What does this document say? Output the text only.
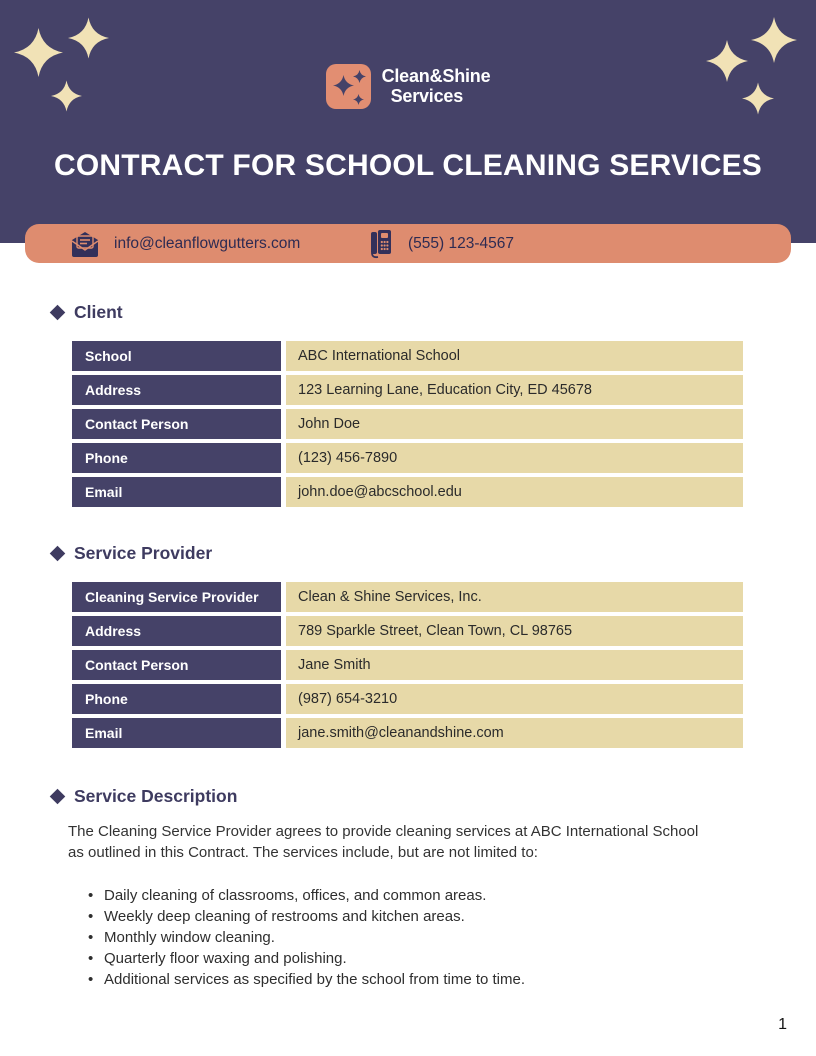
Clean&Shine
Services
CONTRACT FOR SCHOOL CLEANING SERVICES
info@cleanflowgutters.com	(555) 123-4567
Client
School	ABC International School
Address	123 Learning Lane, Education City, ED 45678
Contact Person	John Doe
Phone	(123) 456-7890
Email	john.doe@abcschool.edu
Service Provider
Cleaning Service Provider	Clean & Shine Services, Inc.
Address	789 Sparkle Street, Clean Town, CL 98765
Contact Person	Jane Smith
Phone	(987) 654-3210
Email	jane.smith@cleanandshine.com
Service Description

The Cleaning Service Provider agrees to provide cleaning services at ABC International School as outlined in this Contract. The services include, but are not limited to:

• Daily cleaning of classrooms, offices, and common areas.
• Weekly deep cleaning of restrooms and kitchen areas.
• Monthly window cleaning.
• Quarterly floor waxing and polishing.
• Additional services as specified by the school from time to time.
1
